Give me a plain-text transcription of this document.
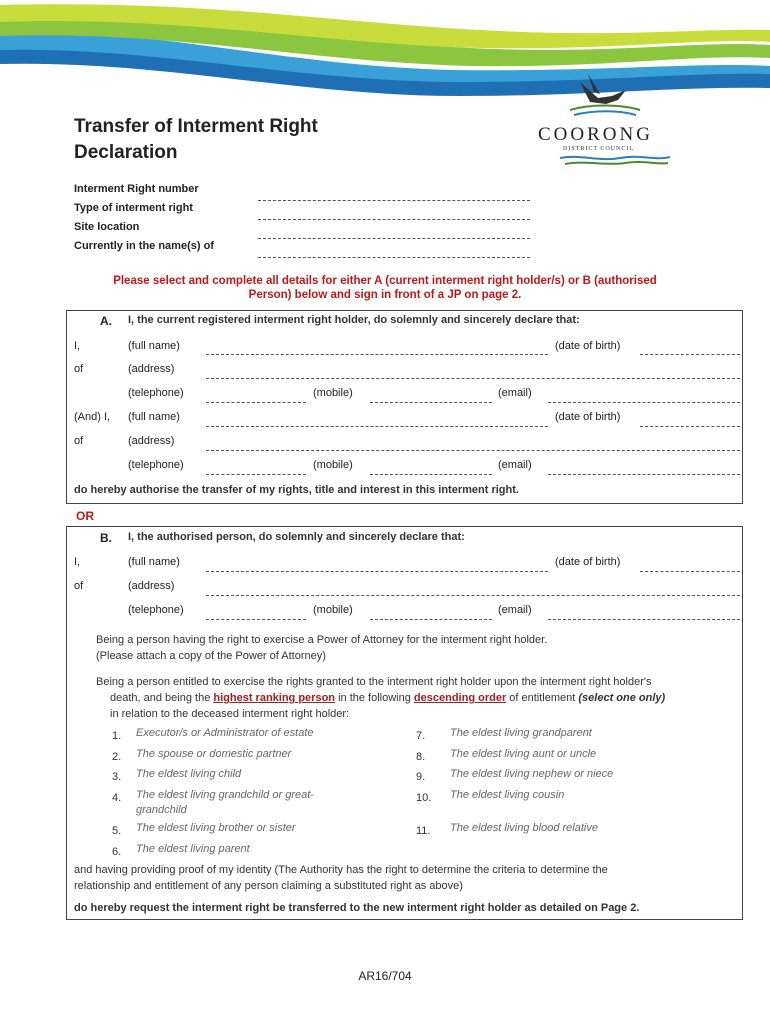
COORONG
DISTRICT COUNCIL
Transfer of Interment Right
Declaration
Interment Right number
Type of interment right
Site location
Currently in the name(s) of
Please select and complete all details for either A (current interment right holder/s) or B (authorised
Person) below and sign in front of a JP on page 2.
A. I, the current registered interment right holder, do solemnly and sincerely declare that:
I,	(full name)	(date of birth)
of	(address)
(telephone)	(mobile)	(email)
(And) I, (full name)	(date of birth)
of	(address)
(telephone)	(mobile)	(email)
do hereby authorise the transfer of my rights, title and interest in this interment right.
OR
B. I, the authorised person, do solemnly and sincerely declare that:
I,	(full name)	(date of birth)
of	(address)
(telephone)	(mobile)	(email)
Being a person having the right to exercise a Power of Attorney for the interment right holder.
(Please attach a copy of the Power of Attorney)
Being a person entitled to exercise the rights granted to the interment right holder upon the interment right holder's
death, and being the highest ranking person in the following descending order of entitlement (select one only)
in relation to the deceased interment right holder:
1. Executor/s or Administrator of estate
2. The spouse or domestic partner
3. The eldest living child
4. The eldest living grandchild or great-
grandchild
5. The eldest living brother or sister
6. The eldest living parent
7. The eldest living grandparent
8. The eldest living aunt or uncle
9. The eldest living nephew or niece
10. The eldest living cousin
11. The eldest living blood relative
and having providing proof of my identity (The Authority has the right to determine the criteria to determine the
relationship and entitlement of any person claiming a substituted right as above)
do hereby request the interment right be transferred to the new interment right holder as detailed on Page 2.
AR16/704
